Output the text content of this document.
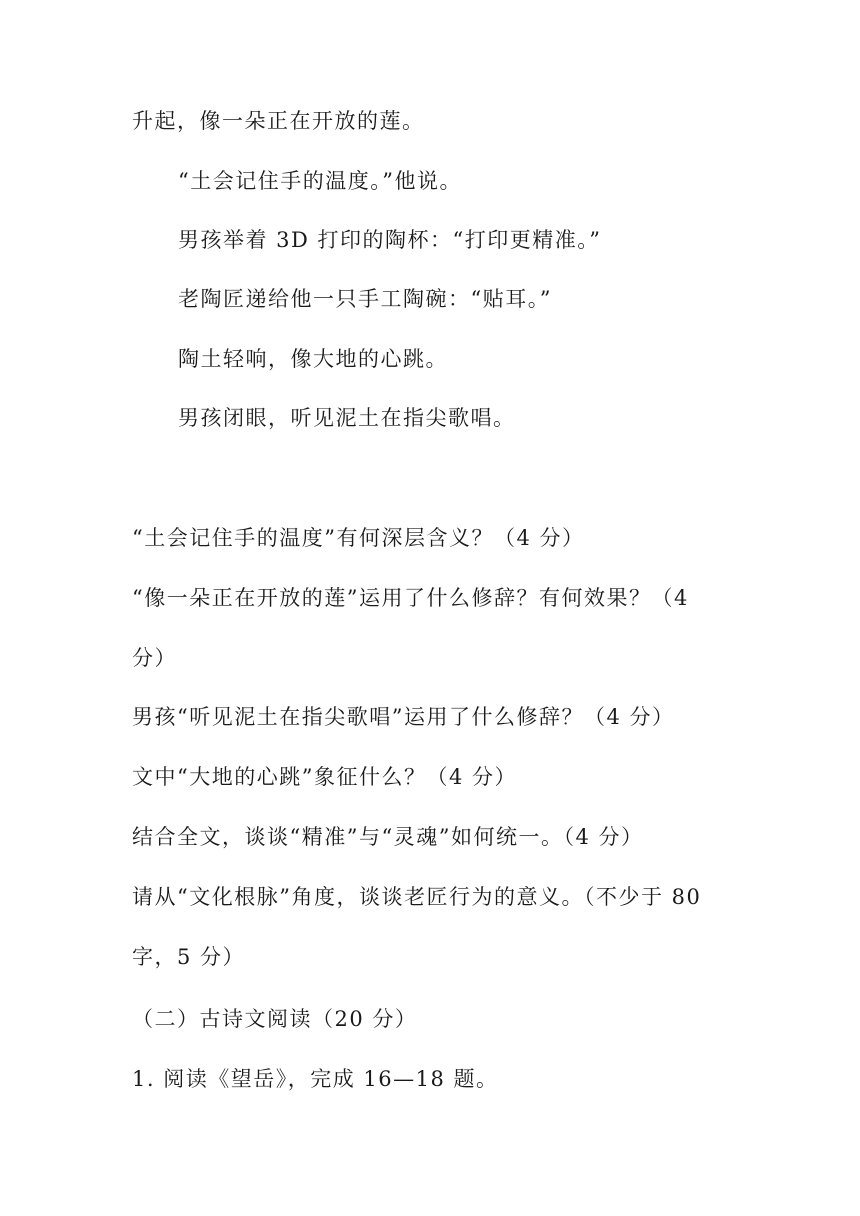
升起，像一朵正在开放的莲。
“土会记住手的温度。”他说。
男孩举着 3D 打印的陶杯：“打印更精准。”
老陶匠递给他一只手工陶碗：“贴耳。”
陶土轻响，像大地的心跳。
男孩闭眼，听见泥土在指尖歌唱。
“土会记住手的温度”有何深层含义？（4 分）
“像一朵正在开放的莲”运用了什么修辞？有何效果？（4
分）
男孩“听见泥土在指尖歌唱”运用了什么修辞？（4 分）
文中“大地的心跳”象征什么？（4 分）
结合全文，谈谈“精准”与“灵魂”如何统一。（4 分）
请从“文化根脉”角度，谈谈老匠行为的意义。（不少于 80
字，5 分）
（二）古诗文阅读（20 分）
1. 阅读《望岳》，完成 16—18 题。
